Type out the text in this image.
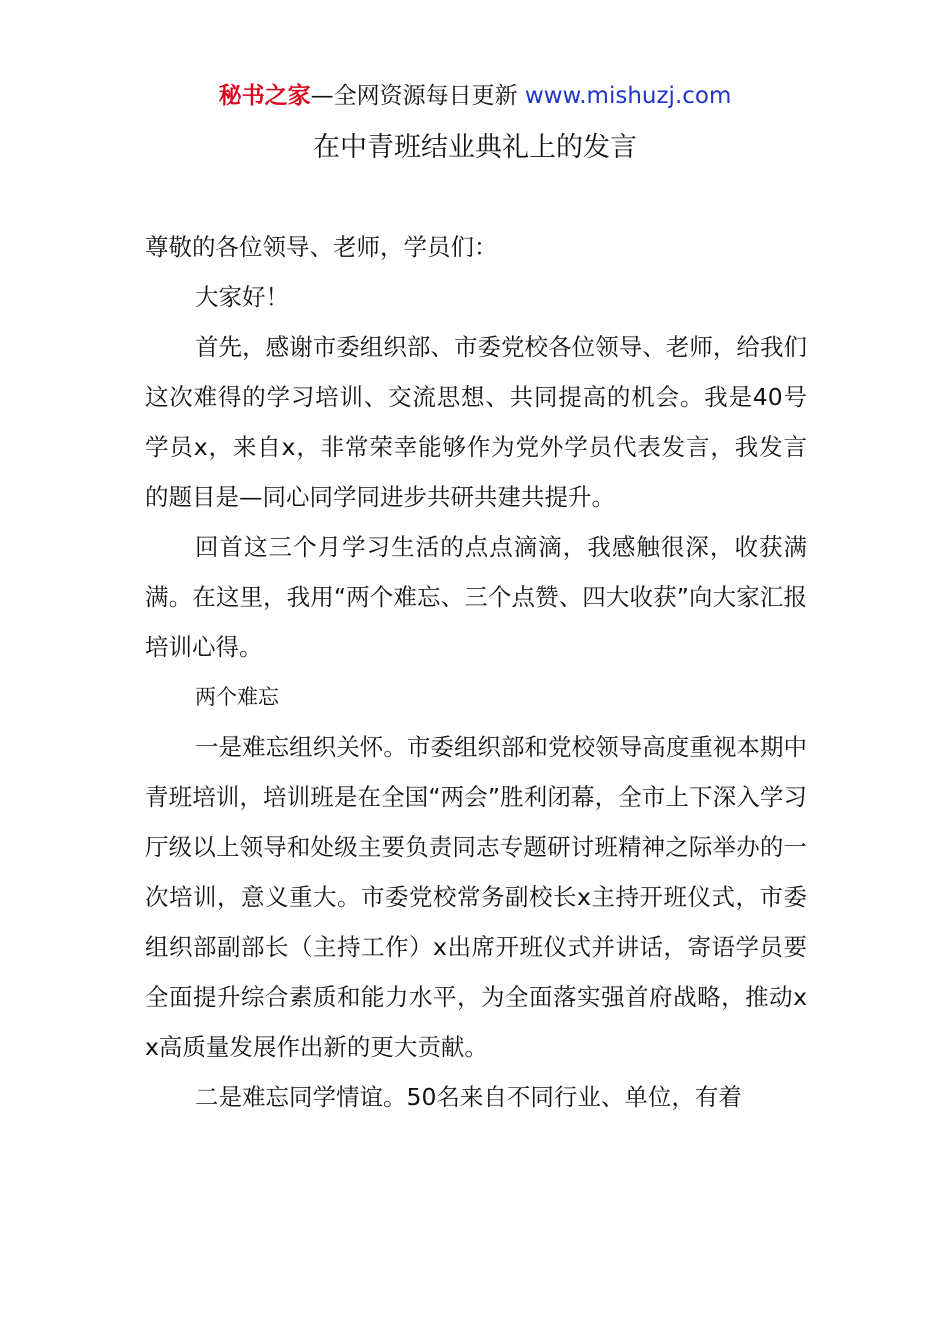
秘书之家—全网资源每日更新 www.mishuzj.com
在中青班结业典礼上的发言

尊敬的各位领导、老师，学员们：

大家好！

首先，感谢市委组织部、市委党校各位领导、老师，给我们这次难得的学习培训、交流思想、共同提高的机会。我是40号学员x，来自x，非常荣幸能够作为党外学员代表发言，我发言的题目是—同心同学同进步共研共建共提升。

回首这三个月学习生活的点点滴滴，我感触很深，收获满满。在这里，我用“两个难忘、三个点赞、四大收获”向大家汇报培训心得。

两个难忘

一是难忘组织关怀。市委组织部和党校领导高度重视本期中青班培训，培训班是在全国“两会”胜利闭幕，全市上下深入学习厅级以上领导和处级主要负责同志专题研讨班精神之际举办的一次培训，意义重大。市委党校常务副校长x主持开班仪式，市委组织部副部长（主持工作）x出席开班仪式并讲话，寄语学员要全面提升综合素质和能力水平，为全面落实强首府战略，推动xx高质量发展作出新的更大贡献。

二是难忘同学情谊。50名来自不同行业、单位，有着
